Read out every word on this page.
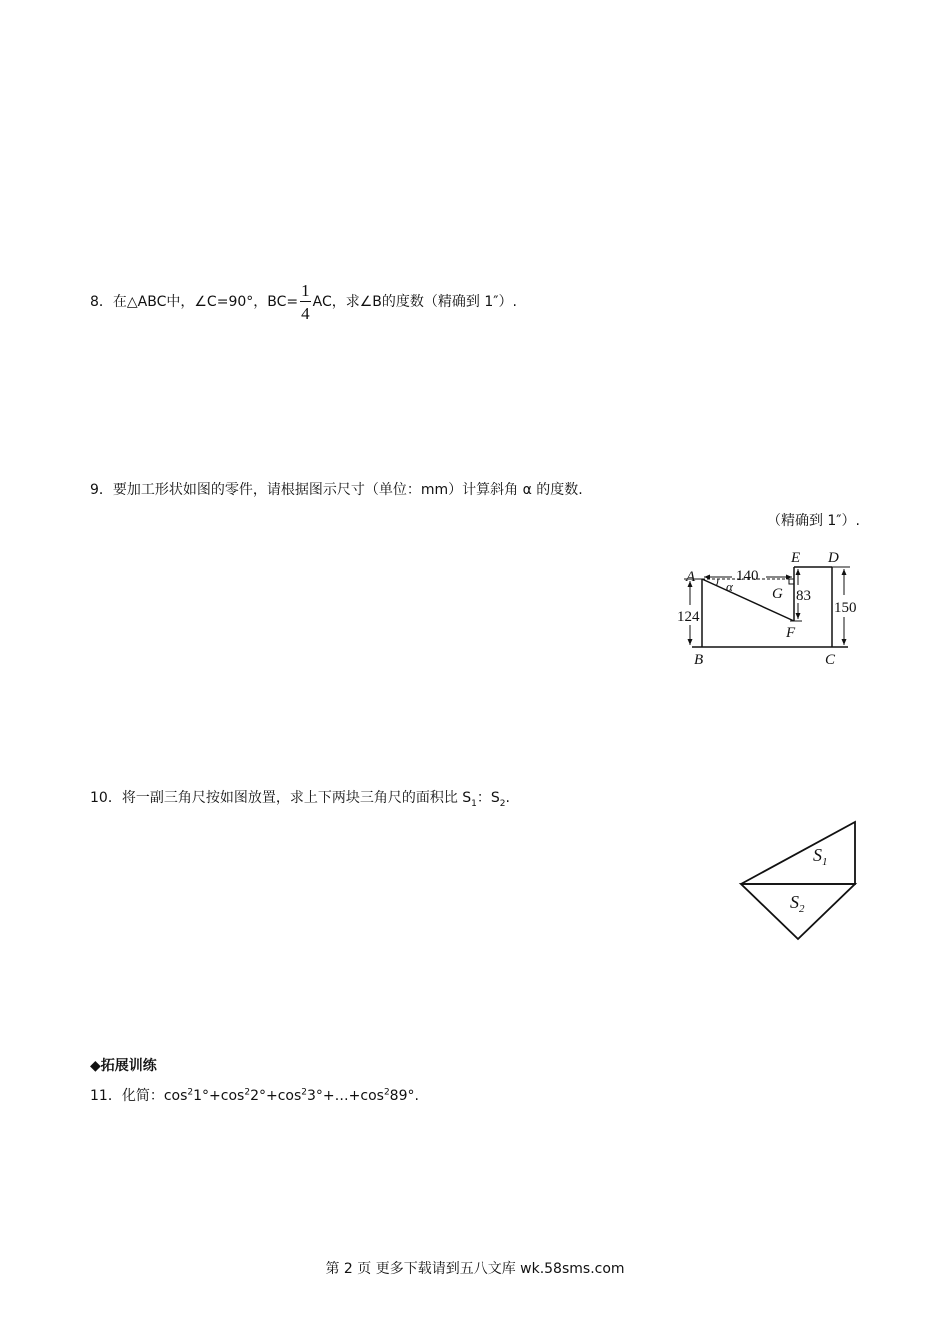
8．在△ABC中，∠C=90°，$BC= \frac{1}{4}$ AC，求∠B的度数（精确到 1″）.
9．要加工形状如图的零件，请根据图示尺寸（单位：mm）计算斜角 α 的度数.
（精确到 1″）.
A
B	C
D
E
F
G
α
140
83
124
150
10．将一副三角尺按如图放置，求上下两块三角尺的面积比 $S_1$：$S_2$.
$S_1$
$S_2$
◆拓展训练
11．化简：$\cos^21^\circ+\cos^22^\circ+\cos^23^\circ+\dots+\cos^289^\circ$.
第 2 页 更多下载请到五八文库 wk.58sms.com
